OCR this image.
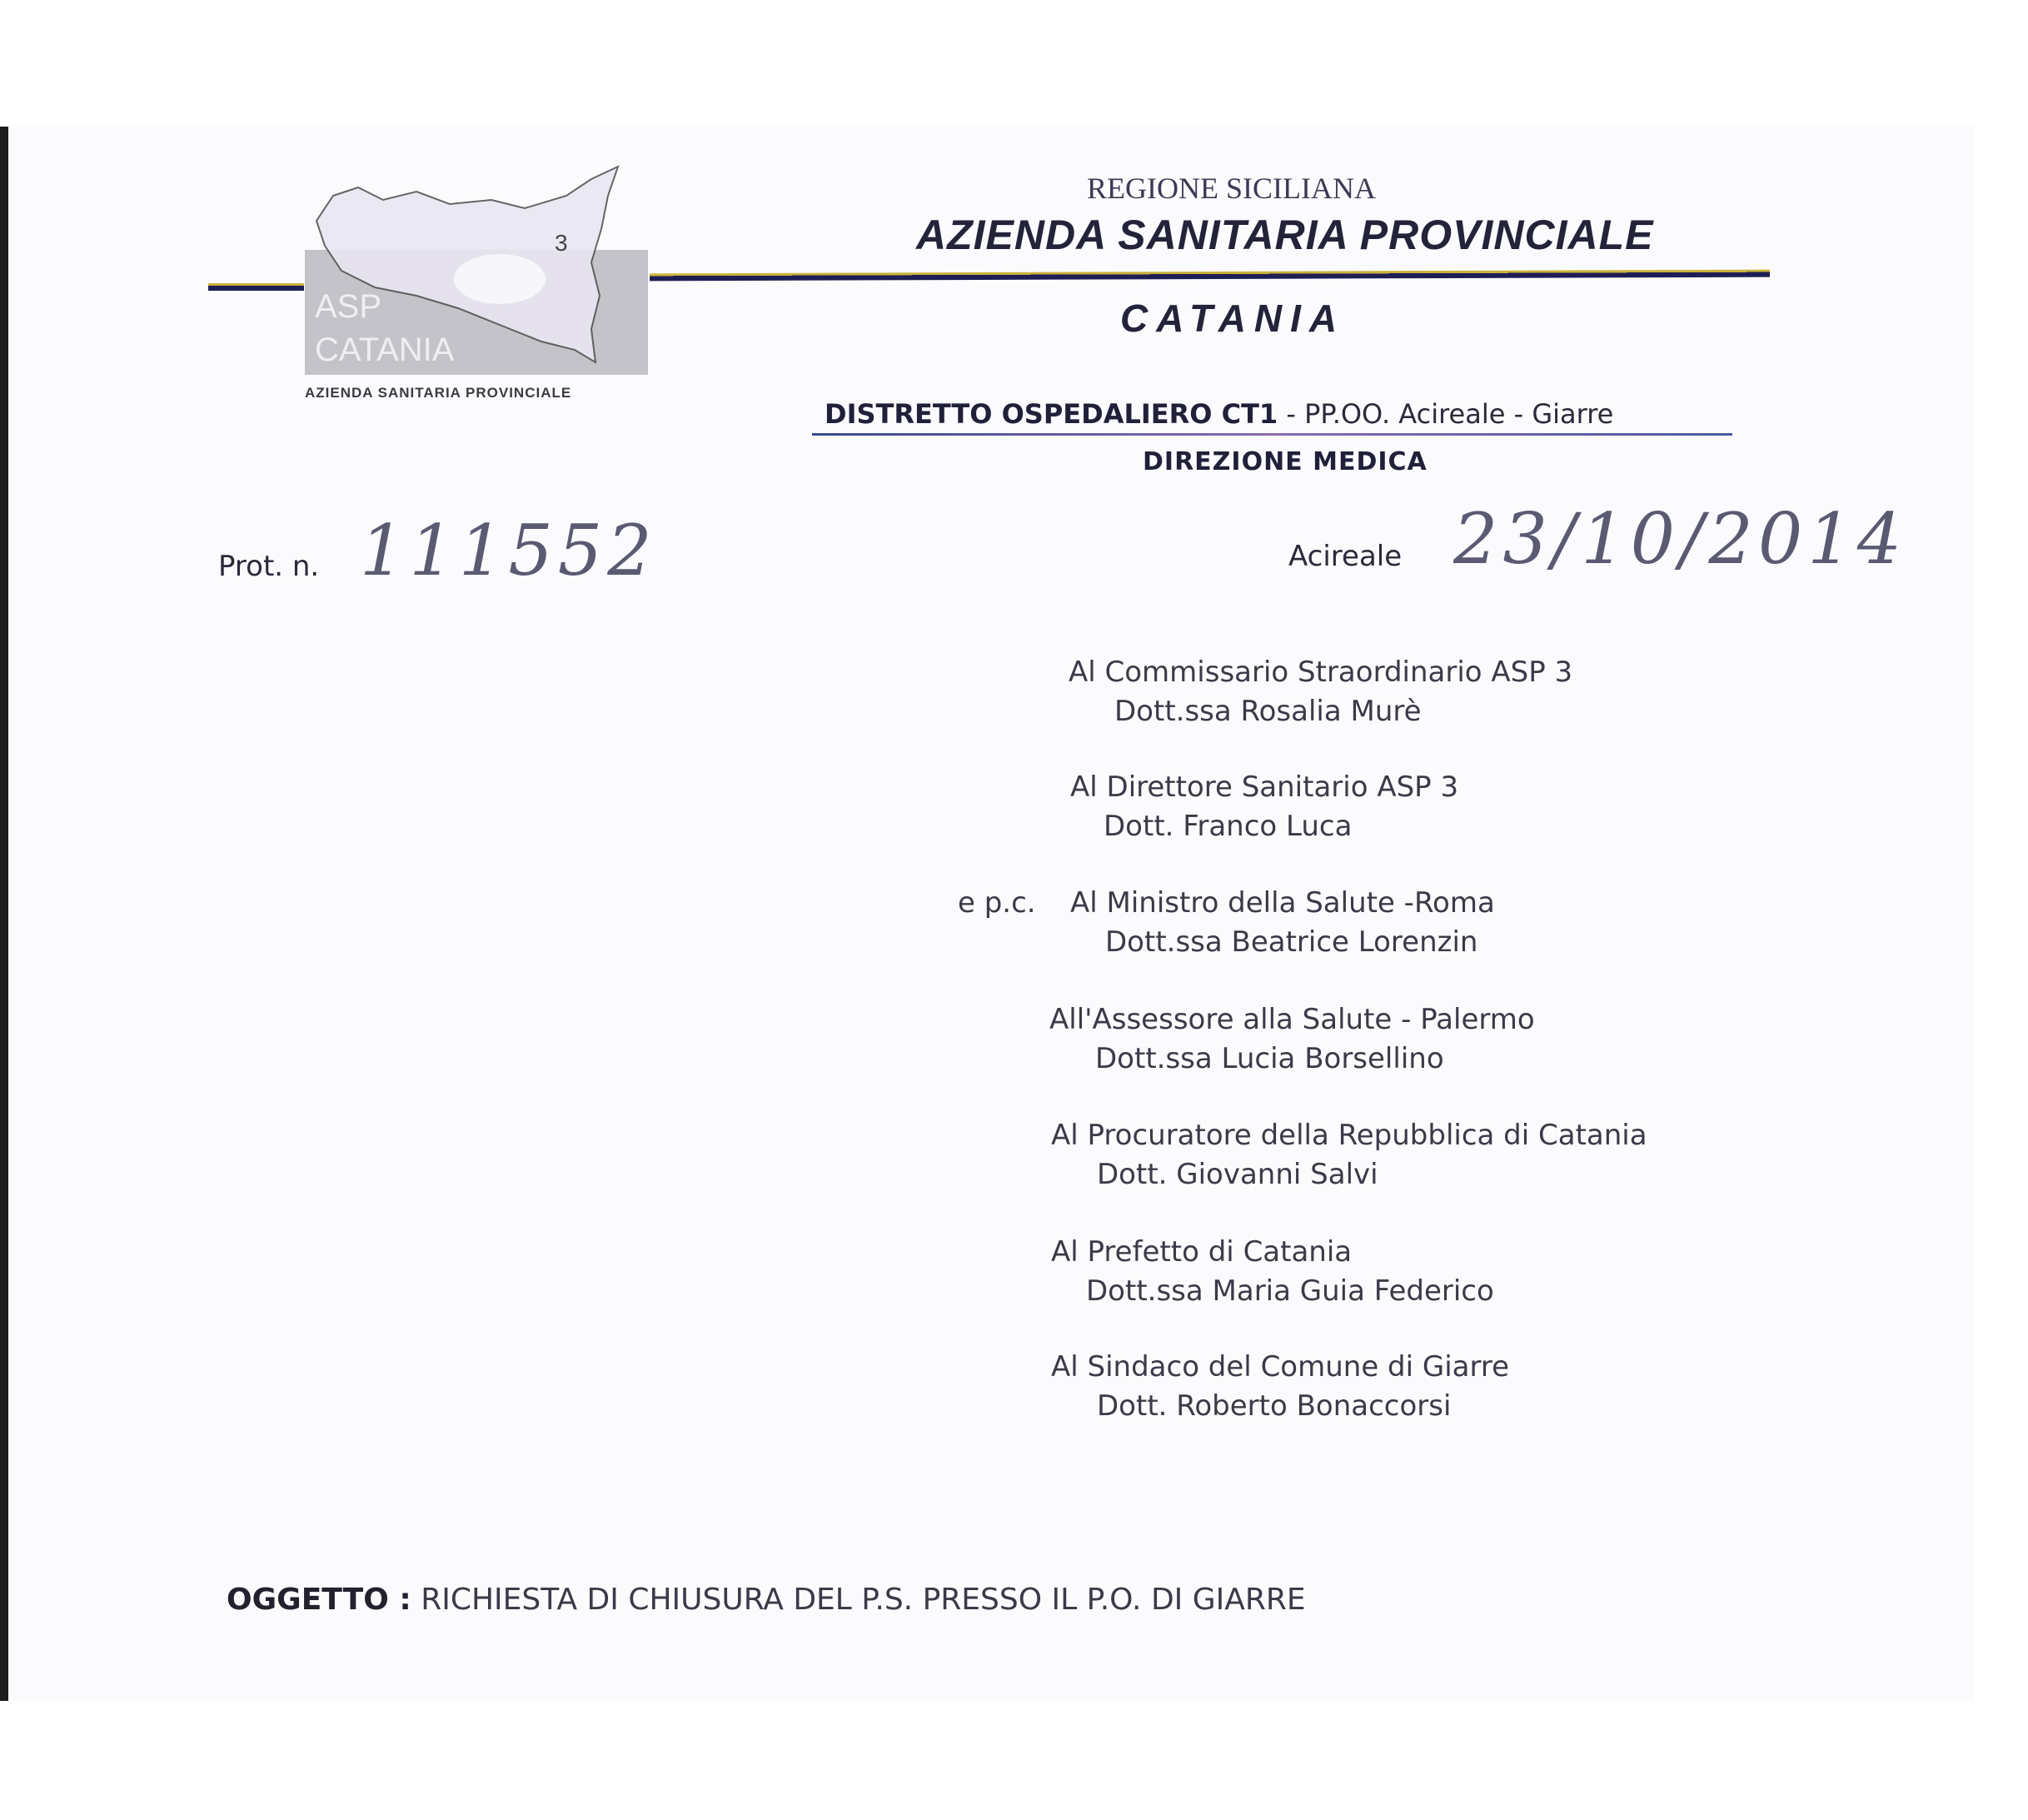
3
ASP
CATANIA
AZIENDA SANITARIA PROVINCIALE
REGIONE SICILIANA
AZIENDA SANITARIA PROVINCIALE
CATANIA
DISTRETTO OSPEDALIERO CT1 - PP.OO. Acireale - Giarre
DIREZIONE MEDICA
Prot. n. 111552	Acireale 23/10/2014
Al Commissario Straordinario ASP 3
Dott.ssa Rosalia Murè
Al Direttore Sanitario ASP 3
Dott. Franco Luca
e p.c. Al Ministro della Salute -Roma
Dott.ssa Beatrice Lorenzin
All'Assessore alla Salute - Palermo
Dott.ssa Lucia Borsellino
Al Procuratore della Repubblica di Catania
Dott. Giovanni Salvi
Al Prefetto di Catania
Dott.ssa Maria Guia Federico
Al Sindaco del Comune di Giarre
Dott. Roberto Bonaccorsi
OGGETTO : RICHIESTA DI CHIUSURA DEL P.S. PRESSO IL P.O. DI GIARRE
